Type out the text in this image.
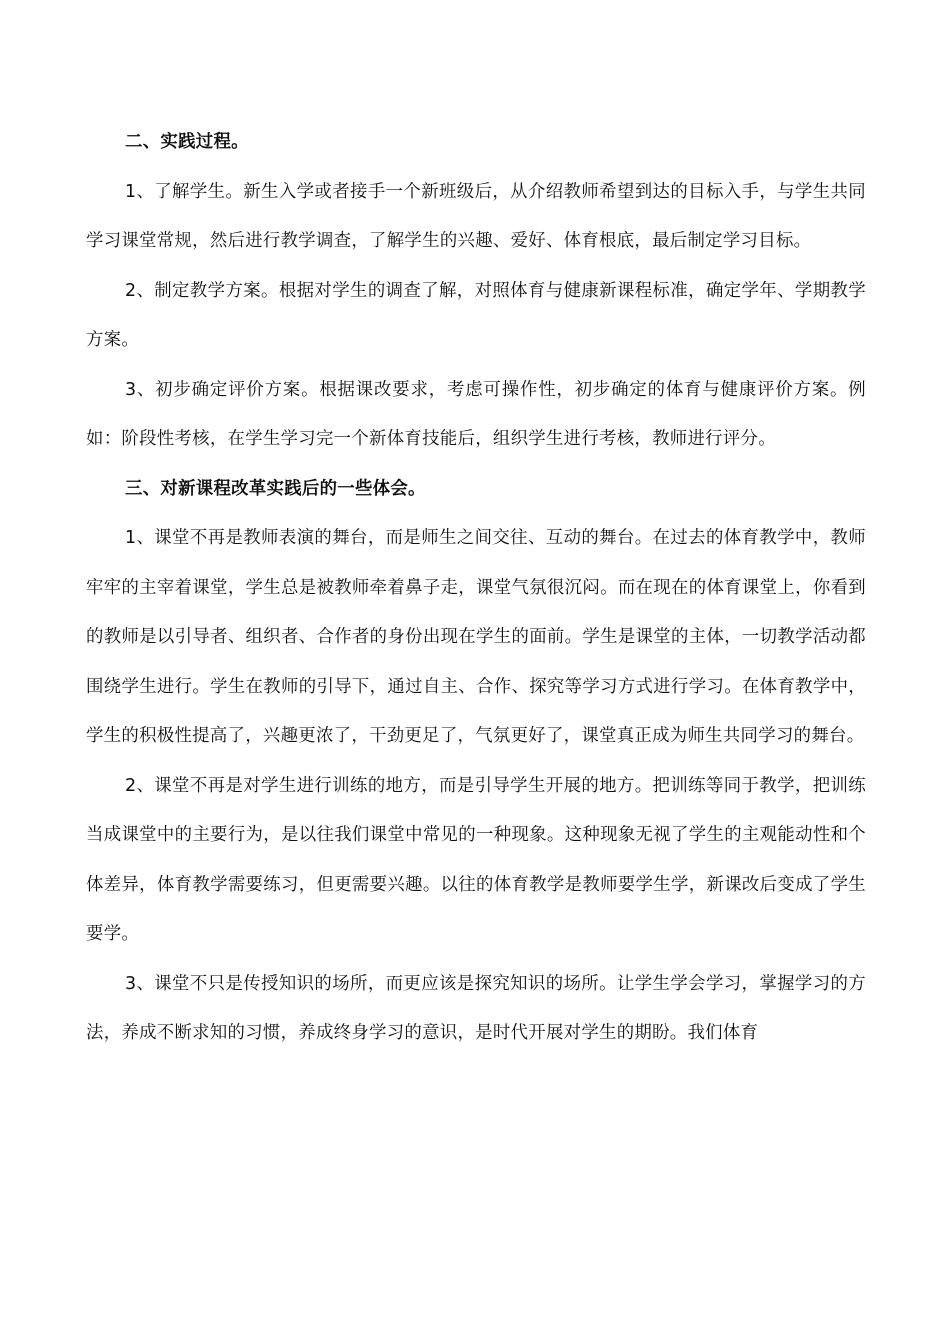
二、实践过程。

1、了解学生。新生入学或者接手一个新班级后，从介绍教师希望到达的目标入手，与学生共同学习课堂常规，然后进行教学调查，了解学生的兴趣、爱好、体育根底，最后制定学习目标。

2、制定教学方案。根据对学生的调查了解，对照体育与健康新课程标准，确定学年、学期教学方案。

3、初步确定评价方案。根据课改要求，考虑可操作性，初步确定的体育与健康评价方案。例如：阶段性考核，在学生学习完一个新体育技能后，组织学生进行考核，教师进行评分。

三、对新课程改革实践后的一些体会。

1、课堂不再是教师表演的舞台，而是师生之间交往、互动的舞台。在过去的体育教学中，教师牢牢的主宰着课堂，学生总是被教师牵着鼻子走，课堂气氛很沉闷。而在现在的体育课堂上，你看到的教师是以引导者、组织者、合作者的身份出现在学生的面前。学生是课堂的主体，一切教学活动都围绕学生进行。学生在教师的引导下，通过自主、合作、探究等学习方式进行学习。在体育教学中，学生的积极性提高了，兴趣更浓了，干劲更足了，气氛更好了，课堂真正成为师生共同学习的舞台。

2、课堂不再是对学生进行训练的地方，而是引导学生开展的地方。把训练等同于教学，把训练当成课堂中的主要行为，是以往我们课堂中常见的一种现象。这种现象无视了学生的主观能动性和个体差异，体育教学需要练习，但更需要兴趣。以往的体育教学是教师要学生学，新课改后变成了学生要学。

3、课堂不只是传授知识的场所，而更应该是探究知识的场所。让学生学会学习，掌握学习的方法，养成不断求知的习惯，养成终身学习的意识，是时代开展对学生的期盼。我们体育
